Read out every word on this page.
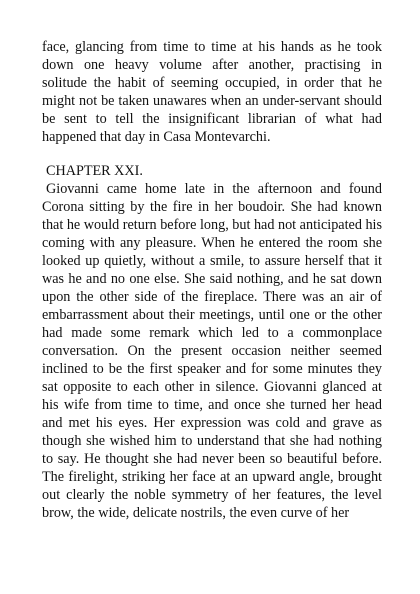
face, glancing from time to time at his hands as he took down one heavy volume after another, practising in solitude the habit of seeming occupied, in order that he might not be taken unawares when an under-servant should be sent to tell the insignificant librarian of what had happened that day in Casa Montevarchi.

CHAPTER XXI.

Giovanni came home late in the afternoon and found Corona sitting by the fire in her boudoir. She had known that he would return before long, but had not anticipated his coming with any pleasure. When he entered the room she looked up quietly, without a smile, to assure herself that it was he and no one else. She said nothing, and he sat down upon the other side of the fireplace. There was an air of embarrassment about their meetings, until one or the other had made some remark which led to a commonplace conversation. On the present occasion neither seemed inclined to be the first speaker and for some minutes they sat opposite to each other in silence. Giovanni glanced at his wife from time to time, and once she turned her head and met his eyes. Her expression was cold and grave as though she wished him to understand that she had nothing to say. He thought she had never been so beautiful before. The firelight, striking her face at an upward angle, brought out clearly the noble symmetry of her features, the level brow, the wide, delicate nostrils, the even curve of her
